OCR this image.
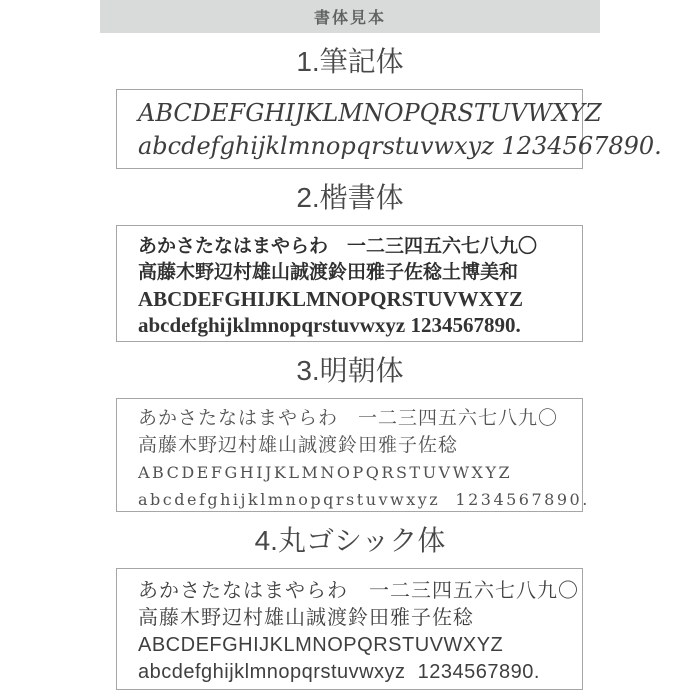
書体見本
1.筆記体
ABCDEFGHIJKLMNOPQRSTUVWXYZ
abcdefghijklmnopqrstuvwxyz 1234567890.
2.楷書体
あかさたなはまやらわ　一二三四五六七八九〇
高藤木野辺村雄山誠渡鈴田雅子佐稔土博美和
ABCDEFGHIJKLMNOPQRSTUVWXYZ
abcdefghijklmnopqrstuvwxyz 1234567890.
3.明朝体
あかさたなはまやらわ　一二三四五六七八九〇
高藤木野辺村雄山誠渡鈴田雅子佐稔
ABCDEFGHIJKLMNOPQRSTUVWXYZ
abcdefghijklmnopqrstuvwxyz  1234567890.
4.丸ゴシック体
あかさたなはまやらわ　一二三四五六七八九〇
高藤木野辺村雄山誠渡鈴田雅子佐稔
ABCDEFGHIJKLMNOPQRSTUVWXYZ
abcdefghijklmnopqrstuvwxyz  1234567890.
